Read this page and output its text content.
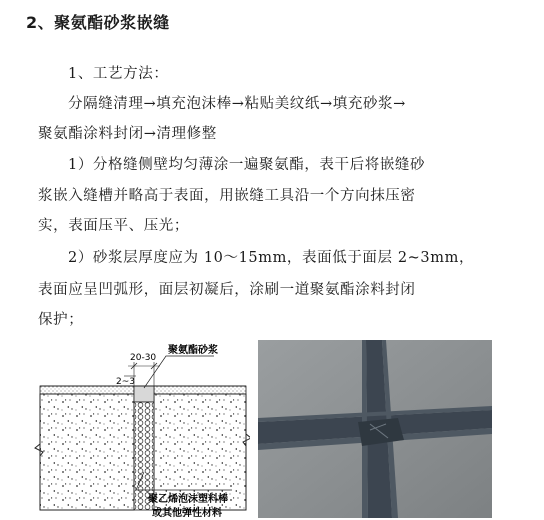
2、聚氨酯砂浆嵌缝
1、工艺方法：
分隔缝清理→填充泡沫棒→粘贴美纹纸→填充砂浆→
聚氨酯涂料封闭→清理修整
1）分格缝侧壁均匀薄涂一遍聚氨酯，表干后将嵌缝砂
浆嵌入缝槽并略高于表面，用嵌缝工具沿一个方向抹压密
实，表面压平、压光；
2）砂浆层厚度应为 10～15mm，表面低于面层 2~3mm，
表面应呈凹弧形，面层初凝后，涂刷一道聚氨酯涂料封闭
保护；
20-30
2~3
聚氨酯砂浆
聚乙烯泡沫塑料棒
或其他弹性材料
